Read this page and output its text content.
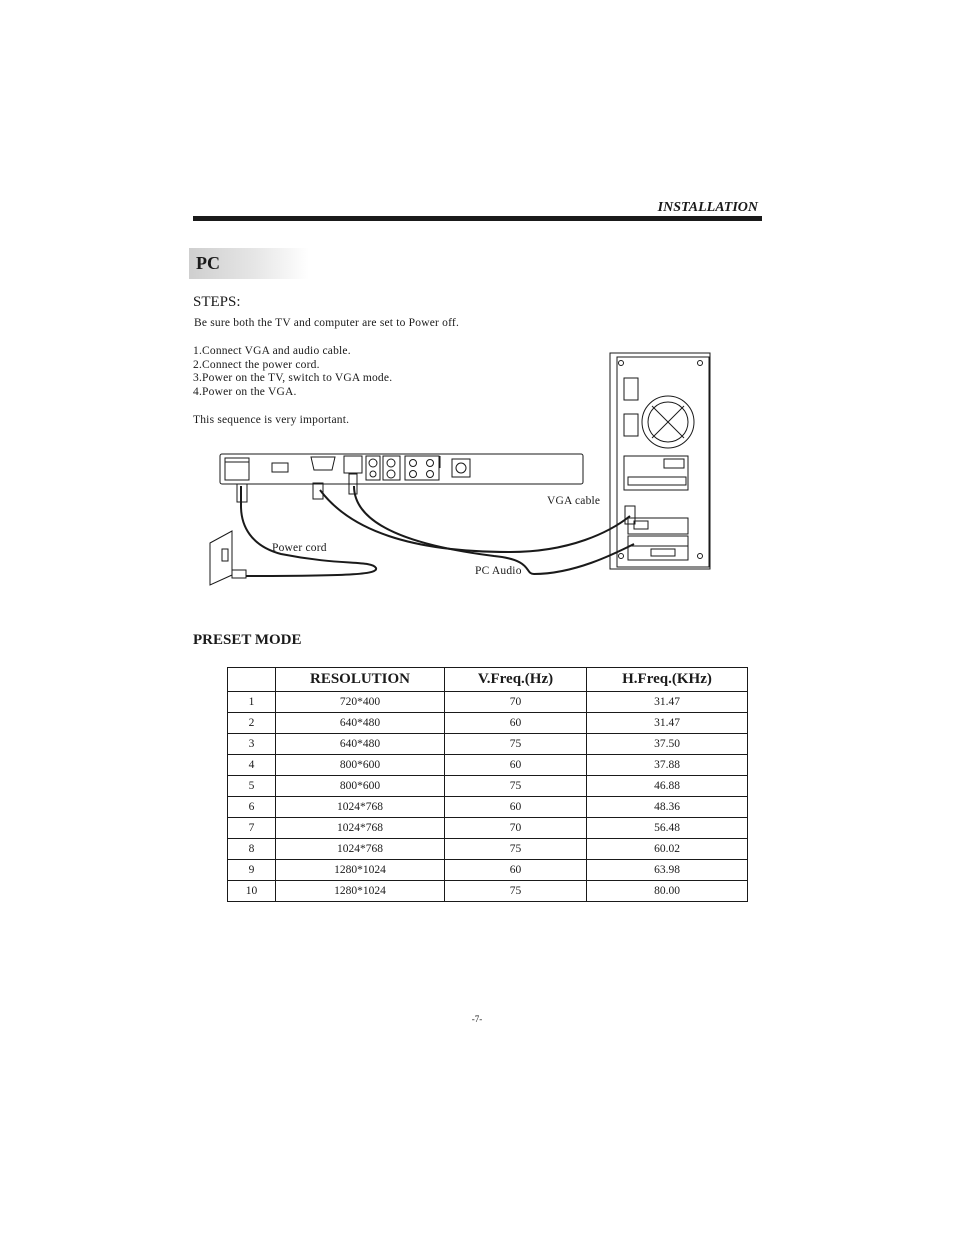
INSTALLATION
PC
STEPS:
Be sure both the TV and computer are set to Power off.
1.Connect VGA and audio cable.
2.Connect the power cord.
3.Power on the TV, switch to VGA mode.
4.Power on the VGA.
This sequence is very important.
VGA cable
Power cord
PC Audio
PRESET MODE
	RESOLUTION	V.Freq.(Hz)	H.Freq.(KHz)
1	720*400	70	31.47
2	640*480	60	31.47
3	640*480	75	37.50
4	800*600	60	37.88
5	800*600	75	46.88
6	1024*768	60	48.36
7	1024*768	70	56.48
8	1024*768	75	60.02
9	1280*1024	60	63.98
10	1280*1024	75	80.00
-7-
